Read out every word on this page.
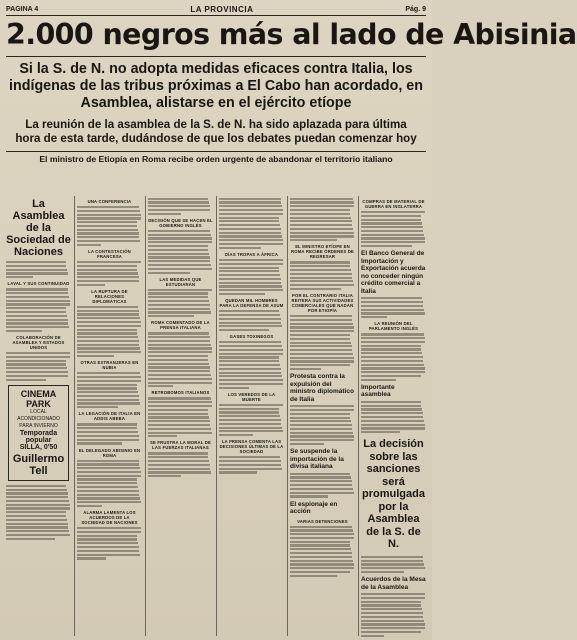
PAGINA 4	LA PROVINCIA	Pág. 9
2.000 negros más al lado de Abisinia
Si la S. de N. no adopta medidas eficaces contra Italia, los indígenas de las tribus próximas a El Cabo han acordado, en Asamblea, alistarse en el ejército etíope
La reunión de la asamblea de la S. de N. ha sido aplazada para última hora de esta tarde, dudándose de que los debates puedan comenzar hoy
El ministro de Etiopía en Roma recibe orden urgente de abandonar el territorio italiano
La Asamblea de la Sociedad de Naciones
LAVAL Y SUS CONTINUIDAD
COLABORACIÓN DE ASAMBLEA Y ESTADOS UNIDOS
CINEMA PARK
LOCAL ACONDICIONADO PARA INVIERNO
Temporada popular
SILLA, 0'50
Guillermo Tell
UNA CONFERENCIA
LA CONTESTACIÓN FRANCESA
LA RUPTURA DE RELACIONES DIPLOMÁTICAS
OTRAS EXTRANJERAS EN NUBIA
LA LEGACIÓN DE ITALIA EN ADDIS ABEBA
EL DELEGADO ABISINIO EN ROMA
ALARMA LAMENTA LOS ACUERDOS DE LA SOCIEDAD DE NACIONES
DECISIÓN QUE SE HACEN EL GOBIERNO INGLÉS
LAS MEDIDAS QUE ESTUDIARÁN
ROMA COMENTADO DE LA PRENSA ITALIANA
RETROBOMOS ITALIANOS
SE FRUSTRA LA MORAL DE LAS FUERZAS ITALIANAS
DÍAS TROPAS A ÁFRICA
QUEDAN MIL HOMBRES PARA LA DEFENSA DE AXUM
GASES TOXINEGOS
LOS VEREDOS DE LA MUERTE
LA PRENSA COMENTA LAS DECISIONES ÚLTIMAS DE LA SOCIEDAD
EL MINISTRO ETÍOPE EN ROMA RECIBE ÓRDENES DE REGRESAR
POR EL CONTRARIO ITALIA REITERA SUS ACTIVIDADES COMERCIALES QUE NADAN POR ETIOPÍA
Protesta contra la expulsión del ministro diplomático de Italia
Se suspende la importación de la divisa italiana
El espionaje en acción
VARIAS DETENCIONES
COMPRAS DE MATERIAL DE GUERRA EN INGLATERRA
El Banco General de Importación y Exportación acuerda no conceder ningún crédito comercial a Italia
LA REUNIÓN DEL PARLAMENTO INGLÉS
Importante asamblea
La decisión sobre las sanciones será promulgada por la Asamblea de la S. de N.
Acuerdos de la Mesa de la Asamblea
